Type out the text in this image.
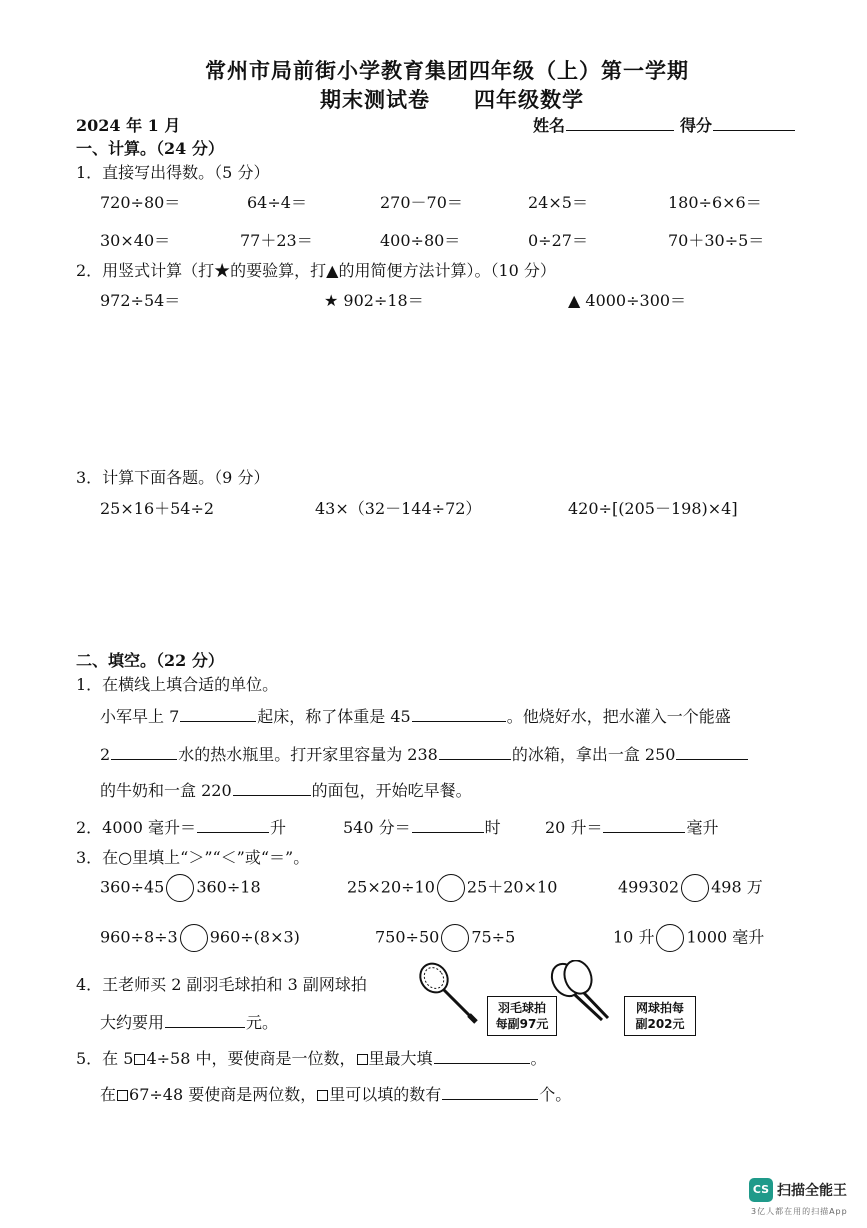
常州市局前街小学教育集团四年级（上）第一学期
期末测试卷　　四年级数学
2024 年 1 月	姓名	得分
一、计算。（24 分）
1．直接写出得数。（5 分）
720÷80＝	64÷4＝	270－70＝	24×5＝	180÷6×6＝
30×40＝	77＋23＝	400÷80＝	0÷27＝	70＋30÷5＝
2．用竖式计算（打★的要验算，打▲的用简便方法计算）。（10 分）
972÷54＝	★ 902÷18＝	▲ 4000÷300＝
3．计算下面各题。（9 分）
25×16＋54÷2	43×（32－144÷72）	420÷[(205－198)×4]
二、填空。（22 分）
1．在横线上填合适的单位。
小军早上 7	起床，称了体重是 45	。他烧好水，把水灌入一个能盛
2	水的热水瓶里。打开家里容量为 238	的冰箱，拿出一盒 250
的牛奶和一盒 220	的面包，开始吃早餐。
2．4000 毫升＝	升	540 分＝	时	20 升＝	毫升
3．在○里填上“＞”“＜”或“＝”。
360÷45 360÷18	25×20÷10 25＋20×10	499302 498 万
960÷8÷3 960÷(8×3)	750÷50 75÷5	10 升 1000 毫升
4．王老师买 2 副羽毛球拍和 3 副网球拍
大约要用	元。
羽毛球拍
每副97元
网球拍每
副202元
5．在 5 4÷58 中，要使商是一位数， 里最大填	。
在 67÷48 要使商是两位数， 里可以填的数有	个。
CS 扫描全能王
3亿人都在用的扫描App
